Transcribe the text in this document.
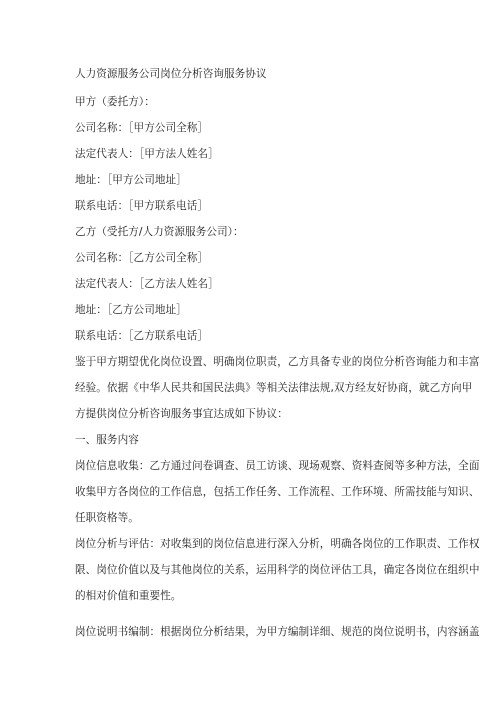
人力资源服务公司岗位分析咨询服务协议
甲方（委托方）：
公司名称：［甲方公司全称］
法定代表人：［甲方法人姓名］
地址：［甲方公司地址］
联系电话：［甲方联系电话］
乙方（受托方/人力资源服务公司）：
公司名称：［乙方公司全称］
法定代表人：［乙方法人姓名］
地址：［乙方公司地址］
联系电话：［乙方联系电话］
鉴于甲方期望优化岗位设置、明确岗位职责，乙方具备专业的岗位分析咨询能力和丰富
经验。依据《中华人民共和国民法典》等相关法律法规,双方经友好协商，就乙方向甲
方提供岗位分析咨询服务事宜达成如下协议：
一、服务内容
岗位信息收集：乙方通过问卷调查、员工访谈、现场观察、资料查阅等多种方法，全面
收集甲方各岗位的工作信息，包括工作任务、工作流程、工作环境、所需技能与知识、
任职资格等。
岗位分析与评估：对收集到的岗位信息进行深入分析，明确各岗位的工作职责、工作权
限、岗位价值以及与其他岗位的关系，运用科学的岗位评估工具，确定各岗位在组织中
的相对价值和重要性。
岗位说明书编制：根据岗位分析结果，为甲方编制详细、规范的岗位说明书，内容涵盖
